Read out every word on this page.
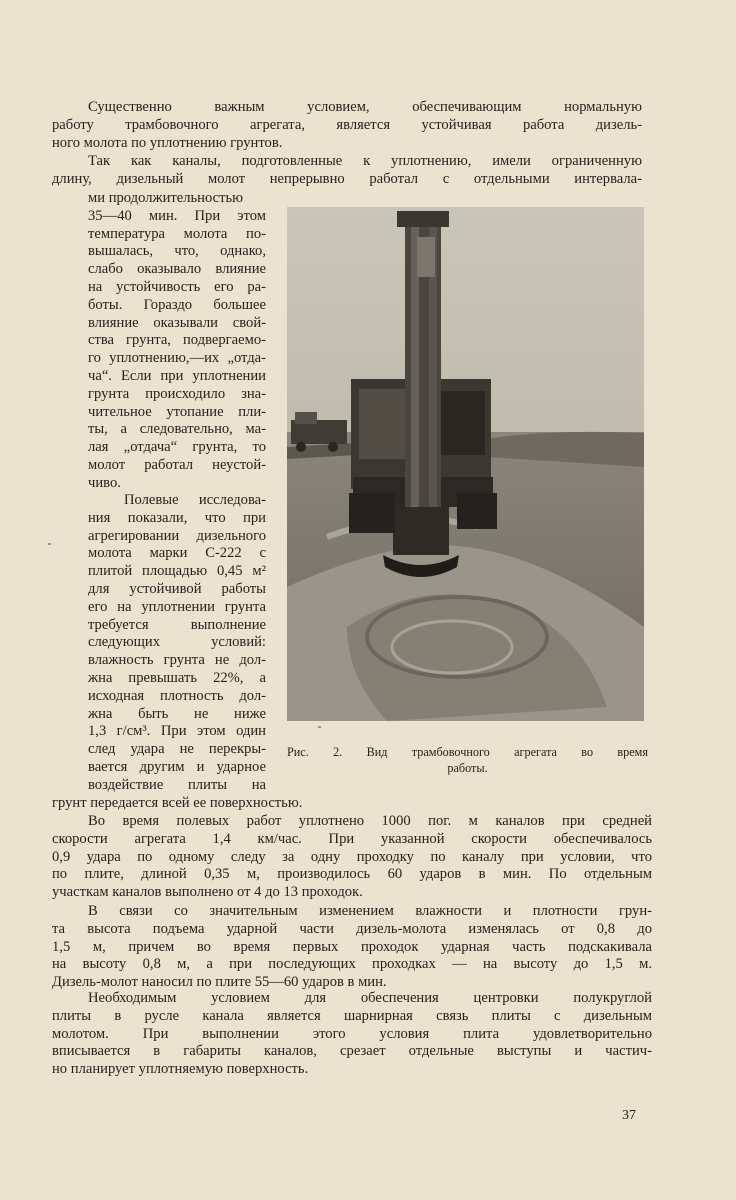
Существенно важным условием, обеспечивающим нормальную
работу трамбовочного агрегата, является устойчивая работа дизель-
ного молота по уплотнению грунтов.
Так как каналы, подготовленные к уплотнению, имели ограниченную
длину, дизельный молот непрерывно работал с отдельными интервала-
ми продолжительностью
35—40 мин. При этом
температура молота по-
вышалась, что, однако,
слабо оказывало влияние
на устойчивость его ра-
боты. Гораздо большее
влияние оказывали свой-
ства грунта, подвергаемо-
го уплотнению,—их „отда-
ча“. Если при уплотнении
грунта происходило зна-
чительное утопание пли-
ты, а следовательно, ма-
лая „отдача“ грунта, то
молот работал неустой-
чиво.
Полевые исследова-
ния показали, что при
агрегировании дизельного
молота марки С-222 с
плитой площадью 0,45 м²
для устойчивой работы
его на уплотнении грунта
требуется выполнение
следующих условий:
влажность грунта не дол-
жна превышать 22%, а
исходная плотность дол-
жна быть не ниже
1,3 г/см³. При этом один
след удара не перекры-
вается другим и ударное
воздействие плиты на
Рис. 2. Вид трамбовочного агрегата во время
работы.
грунт передается всей ее поверхностью.
Во время полевых работ уплотнено 1000 пог. м каналов при средней
скорости агрегата 1,4 км/час. При указанной скорости обеспечивалось
0,9 удара по одному следу за одну проходку по каналу при условии, что
по плите, длиной 0,35 м, производилось 60 ударов в мин. По отдельным
участкам каналов выполнено от 4 до 13 проходок.
В связи со значительным изменением влажности и плотности грун-
та высота подъема ударной части дизель-молота изменялась от 0,8 до
1,5 м, причем во время первых проходок ударная часть подскакивала
на высоту 0,8 м, а при последующих проходках — на высоту до 1,5 м.
Дизель-молот наносил по плите 55—60 ударов в мин.
Необходимым условием для обеспечения центровки полукруглой
плиты в русле канала является шарнирная связь плиты с дизельным
молотом. При выполнении этого условия плита удовлетворительно
вписывается в габариты каналов, срезает отдельные выступы и частич-
но планирует уплотняемую поверхность.
37
